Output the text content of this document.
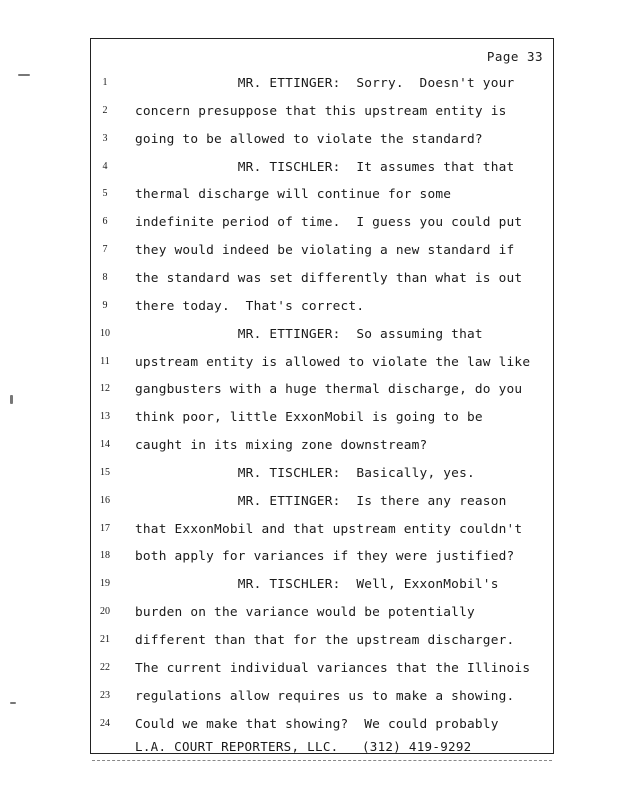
Page 33
1	MR. ETTINGER:  Sorry.  Doesn't your
2	concern presuppose that this upstream entity is
3	going to be allowed to violate the standard?
4	MR. TISCHLER:  It assumes that that
5	thermal discharge will continue for some
6	indefinite period of time.  I guess you could put
7	they would indeed be violating a new standard if
8	the standard was set differently than what is out
9	there today.  That's correct.
10	MR. ETTINGER:  So assuming that
11	upstream entity is allowed to violate the law like
12	gangbusters with a huge thermal discharge, do you
13	think poor, little ExxonMobil is going to be
14	caught in its mixing zone downstream?
15	MR. TISCHLER:  Basically, yes.
16	MR. ETTINGER:  Is there any reason
17	that ExxonMobil and that upstream entity couldn't
18	both apply for variances if they were justified?
19	MR. TISCHLER:  Well, ExxonMobil's
20	burden on the variance would be potentially
21	different than that for the upstream discharger.
22	The current individual variances that the Illinois
23	regulations allow requires us to make a showing.
24	Could we make that showing?  We could probably
L.A. COURT REPORTERS, LLC.   (312) 419-9292
